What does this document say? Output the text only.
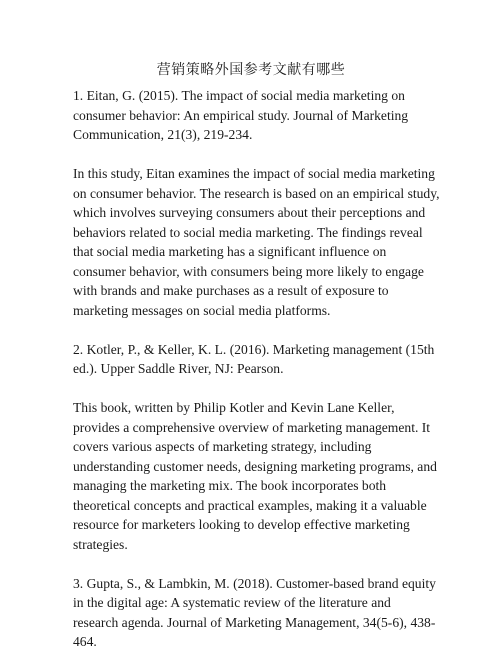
营销策略外国参考文献有哪些
1. Eitan, G. (2015). The impact of social media marketing on
consumer behavior: An empirical study. Journal of Marketing
Communication, 21(3), 219-234.
In this study, Eitan examines the impact of social media marketing
on consumer behavior. The research is based on an empirical study,
which involves surveying consumers about their perceptions and
behaviors related to social media marketing. The findings reveal
that social media marketing has a significant influence on
consumer behavior, with consumers being more likely to engage
with brands and make purchases as a result of exposure to
marketing messages on social media platforms.
2. Kotler, P., & Keller, K. L. (2016). Marketing management (15th
ed.). Upper Saddle River, NJ: Pearson.
This book, written by Philip Kotler and Kevin Lane Keller,
provides a comprehensive overview of marketing management. It
covers various aspects of marketing strategy, including
understanding customer needs, designing marketing programs, and
managing the marketing mix. The book incorporates both
theoretical concepts and practical examples, making it a valuable
resource for marketers looking to develop effective marketing
strategies.
3. Gupta, S., & Lambkin, M. (2018). Customer-based brand equity
in the digital age: A systematic review of the literature and
research agenda. Journal of Marketing Management, 34(5-6), 438-
464.
